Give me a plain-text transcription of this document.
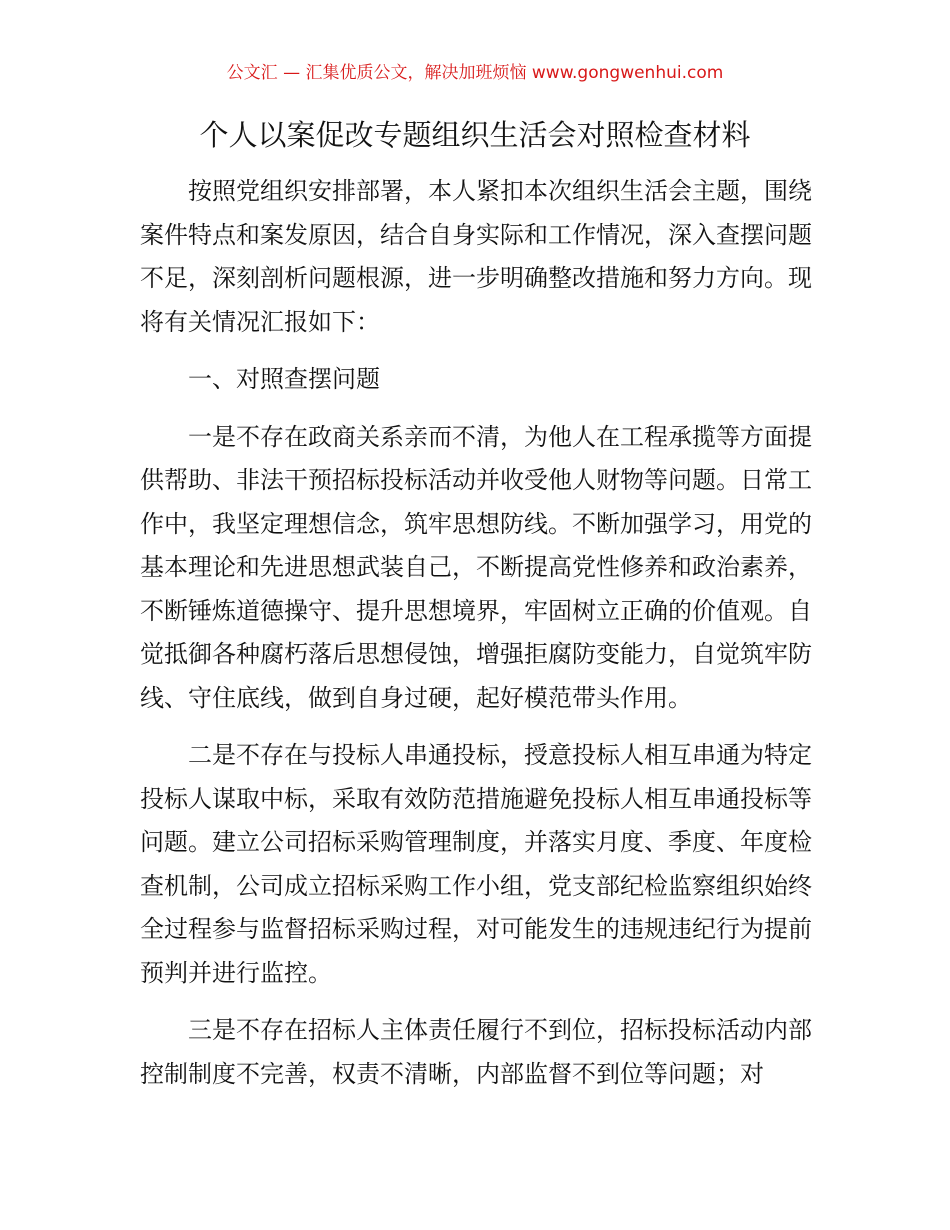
公文汇 — 汇集优质公文，解决加班烦恼 www.gongwenhui.com
个人以案促改专题组织生活会对照检查材料

按照党组织安排部署，本人紧扣本次组织生活会主题，围绕案件特点和案发原因，结合自身实际和工作情况，深入查摆问题不足，深刻剖析问题根源，进一步明确整改措施和努力方向。现将有关情况汇报如下：

一、对照查摆问题

一是不存在政商关系亲而不清，为他人在工程承揽等方面提供帮助、非法干预招标投标活动并收受他人财物等问题。日常工作中，我坚定理想信念，筑牢思想防线。不断加强学习，用党的基本理论和先进思想武装自己，不断提高党性修养和政治素养，不断锤炼道德操守、提升思想境界，牢固树立正确的价值观。自觉抵御各种腐朽落后思想侵蚀，增强拒腐防变能力，自觉筑牢防线、守住底线，做到自身过硬，起好模范带头作用。

二是不存在与投标人串通投标，授意投标人相互串通为特定投标人谋取中标，采取有效防范措施避免投标人相互串通投标等问题。建立公司招标采购管理制度，并落实月度、季度、年度检查机制，公司成立招标采购工作小组，党支部纪检监察组织始终全过程参与监督招标采购过程，对可能发生的违规违纪行为提前预判并进行监控。

三是不存在招标人主体责任履行不到位，招标投标活动内部控制制度不完善，权责不清晰，内部监督不到位等问题；对
